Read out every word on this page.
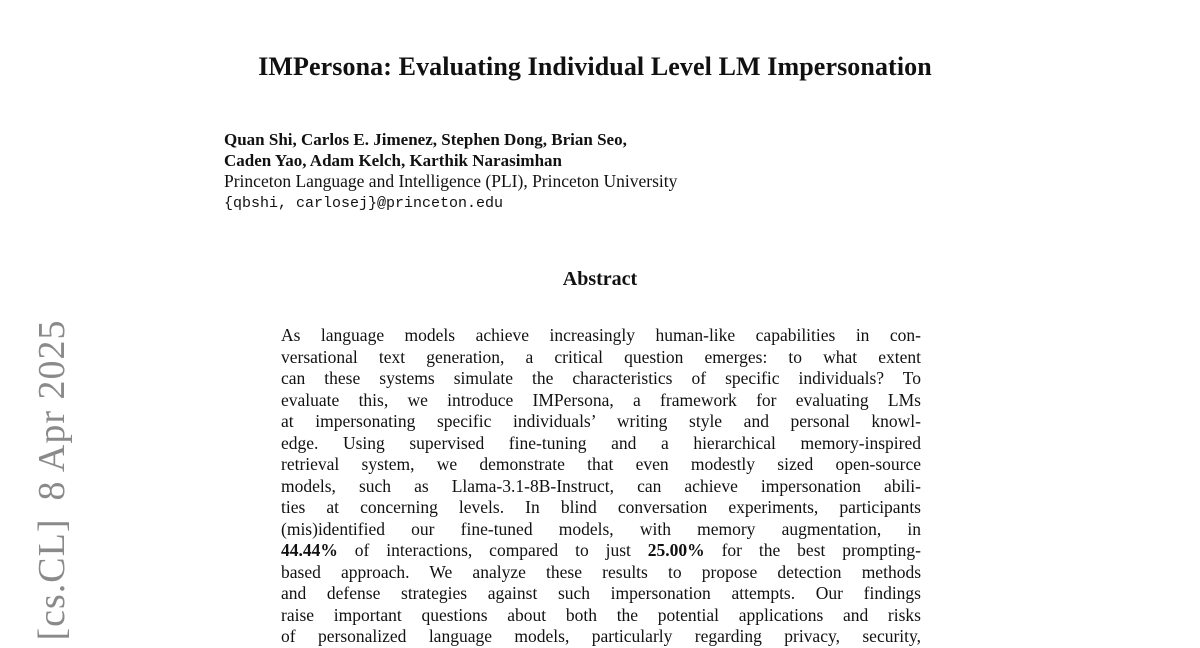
[cs.CL]8 Apr 2025
IMPersona: Evaluating Individual Level LM Impersonation
Quan Shi, Carlos E. Jimenez, Stephen Dong, Brian Seo,
Caden Yao, Adam Kelch, Karthik Narasimhan
Princeton Language and Intelligence (PLI), Princeton University
{qbshi, carlosej}@princeton.edu
Abstract
As language models achieve increasingly human-like capabilities in con-
versational text generation, a critical question emerges: to what extent
can these systems simulate the characteristics of specific individuals? To
evaluate this, we introduce IMPersona, a framework for evaluating LMs
at impersonating specific individuals’ writing style and personal knowl-
edge. Using supervised fine-tuning and a hierarchical memory-inspired
retrieval system, we demonstrate that even modestly sized open-source
models, such as Llama-3.1-8B-Instruct, can achieve impersonation abili-
ties at concerning levels. In blind conversation experiments, participants
(mis)identified our fine-tuned models, with memory augmentation, in
44.44% of interactions, compared to just 25.00% for the best prompting-
based approach. We analyze these results to propose detection methods
and defense strategies against such impersonation attempts. Our findings
raise important questions about both the potential applications and risks
of personalized language models, particularly regarding privacy, security,
